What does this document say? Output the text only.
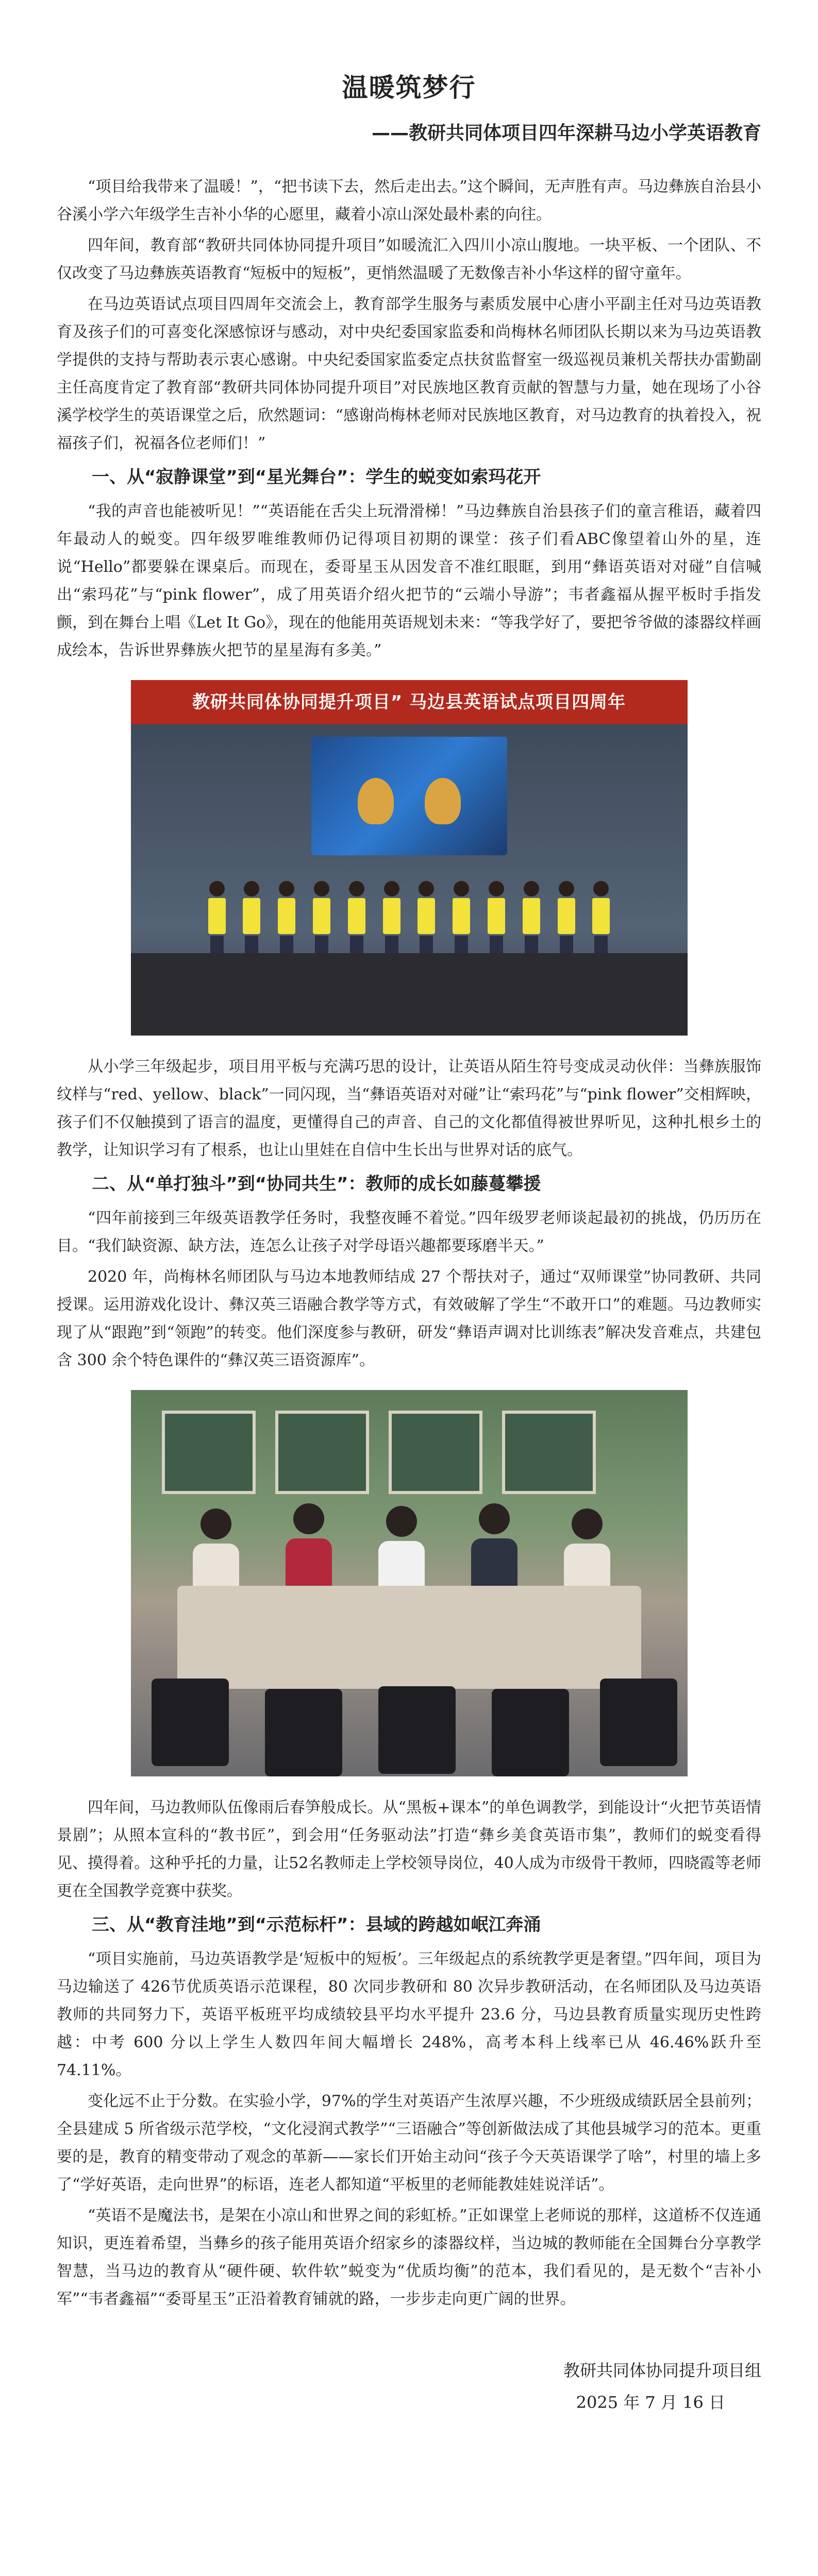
温暖筑梦行
——教研共同体项目四年深耕马边小学英语教育

“项目给我带来了温暖！”，“把书读下去，然后走出去。”这个瞬间，无声胜有声。马边彝族自治县小谷溪小学六年级学生吉补小华的心愿里，藏着小凉山深处最朴素的向往。

四年间，教育部“教研共同体协同提升项目”如暖流汇入四川小凉山腹地。一块平板、一个团队、不仅改变了马边彝族英语教育“短板中的短板”，更悄然温暖了无数像吉补小华这样的留守童年。

在马边英语试点项目四周年交流会上，教育部学生服务与素质发展中心唐小平副主任对马边英语教育及孩子们的可喜变化深感惊讶与感动，对中央纪委国家监委和尚梅林名师团队长期以来为马边英语教学提供的支持与帮助表示衷心感谢。中央纪委国家监委定点扶贫监督室一级巡视员兼机关帮扶办雷勤副主任高度肯定了教育部“教研共同体协同提升项目”对民族地区教育贡献的智慧与力量，她在现场了小谷溪学校学生的英语课堂之后，欣然题词：“感谢尚梅林老师对民族地区教育，对马边教育的执着投入，祝福孩子们，祝福各位老师们！”

一、从“寂静课堂”到“星光舞台”：学生的蜕变如索玛花开

“我的声音也能被听见！”“英语能在舌尖上玩滑滑梯！”马边彝族自治县孩子们的童言稚语，藏着四年最动人的蜕变。四年级罗唯维教师仍记得项目初期的课堂：孩子们看ABC像望着山外的星，连说“Hello”都要躲在课桌后。而现在，委哥星玉从因发音不准红眼眶，到用“彝语英语对对碰”自信喊出“索玛花”与“pink flower”，成了用英语介绍火把节的“云端小导游”；韦者鑫福从握平板时手指发颤，到在舞台上唱《Let It Go》，现在的他能用英语规划未来：“等我学好了，要把爷爷做的漆器纹样画成绘本，告诉世界彝族火把节的星星海有多美。”

教研共同体协同提升项目” 马边县英语试点项目四周年

从小学三年级起步，项目用平板与充满巧思的设计，让英语从陌生符号变成灵动伙伴：当彝族服饰纹样与“red、yellow、black”一同闪现，当“彝语英语对对碰”让“索玛花”与“pink flower”交相辉映，孩子们不仅触摸到了语言的温度，更懂得自己的声音、自己的文化都值得被世界听见，这种扎根乡土的教学，让知识学习有了根系，也让山里娃在自信中生长出与世界对话的底气。

二、从“单打独斗”到“协同共生”：教师的成长如藤蔓攀援

“四年前接到三年级英语教学任务时，我整夜睡不着觉。”四年级罗老师谈起最初的挑战，仍历历在目。“我们缺资源、缺方法，连怎么让孩子对学母语兴趣都要琢磨半天。”

2020 年，尚梅林名师团队与马边本地教师结成 27 个帮扶对子，通过“双师课堂”协同教研、共同授课。运用游戏化设计、彝汉英三语融合教学等方式，有效破解了学生“不敢开口”的难题。马边教师实现了从“跟跑”到“领跑”的转变。他们深度参与教研，研发“彝语声调对比训练表”解决发音难点，共建包含 300 余个特色课件的“彝汉英三语资源库”。

四年间，马边教师队伍像雨后春笋般成长。从“黑板+课本”的单色调教学，到能设计“火把节英语情景剧”；从照本宣科的“教书匠”，到会用“任务驱动法”打造“彝乡美食英语市集”，教师们的蜕变看得见、摸得着。这种乎托的力量，让52名教师走上学校领导岗位，40人成为市级骨干教师，四晓霞等老师更在全国教学竞赛中获奖。

三、从“教育洼地”到“示范标杆”：县域的跨越如岷江奔涌

“项目实施前，马边英语教学是‘短板中的短板’。三年级起点的系统教学更是奢望。”四年间，项目为马边输送了 426节优质英语示范课程，80 次同步教研和 80 次异步教研活动，在名师团队及马边英语教师的共同努力下，英语平板班平均成绩较县平均水平提升 23.6 分，马边县教育质量实现历史性跨越：中考 600 分以上学生人数四年间大幅增长 248%，高考本科上线率已从 46.46%跃升至 74.11%。

变化远不止于分数。在实验小学，97%的学生对英语产生浓厚兴趣，不少班级成绩跃居全县前列；全县建成 5 所省级示范学校，“文化浸润式教学”“三语融合”等创新做法成了其他县城学习的范本。更重要的是，教育的精变带动了观念的革新——家长们开始主动问“孩子今天英语课学了啥”，村里的墙上多了“学好英语，走向世界”的标语，连老人都知道“平板里的老师能教娃娃说洋话”。

“英语不是魔法书，是架在小凉山和世界之间的彩虹桥。”正如课堂上老师说的那样，这道桥不仅连通知识，更连着希望，当彝乡的孩子能用英语介绍家乡的漆器纹样，当边城的教师能在全国舞台分享教学智慧，当马边的教育从“硬件硬、软件软”蜕变为“优质均衡”的范本，我们看见的，是无数个“吉补小军”“韦者鑫福”“委哥星玉”正沿着教育铺就的路，一步步走向更广阔的世界。

教研共同体协同提升项目组
2025 年 7 月 16 日
